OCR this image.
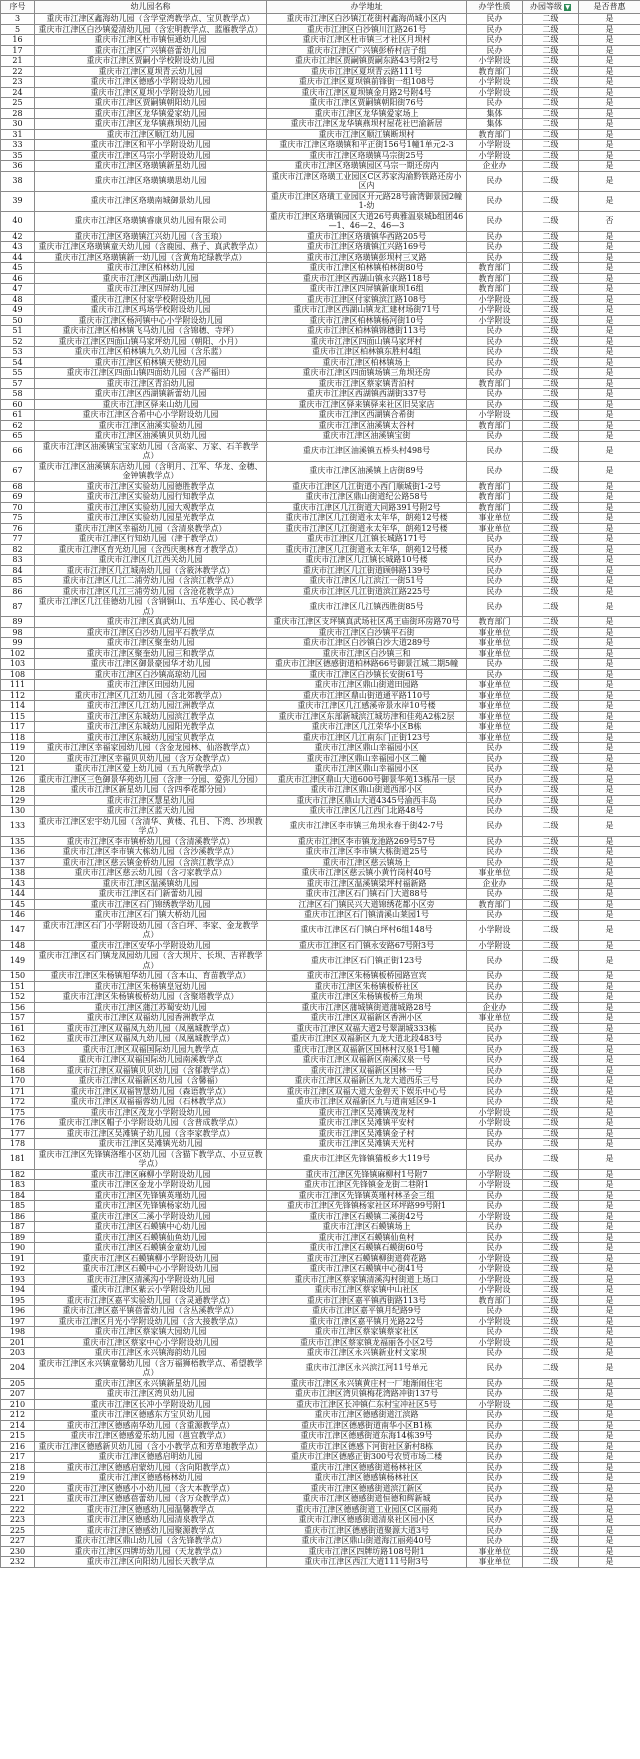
序号	幼儿园名称	办学地址	办学性质	办园等级 ▼	是否普惠
3	重庆市江津区鑫海幼儿园（含学堂湾教学点、宝贝教学点）	重庆市江津区白沙镇江花街村鑫海尚城小区内	民办	二级	是
5	重庆市江津区白沙镇爱清幼儿园（含宏明教学点、蓝雁教学点）	重庆市江津区白沙镇川江路261号	民办	二级	是
16	重庆市江津区杜市镇恒通幼儿园	重庆市江津区杜市镇三才社区月坝村	民办	二级	是
17	重庆市江津区广兴镇蓓蕾幼儿园	重庆市江津区广兴镇彭桥村店子组	民办	二级	是
21	重庆市江津区贾嗣小学校附设幼儿园	重庆市江津区贾嗣镇贾嗣东路43号附2号	小学附设	二级	是
22	重庆市江津区夏坝青云幼儿园	重庆市江津区夏坝青云路111号	教育部门	二级	是
23	重庆市江津区德感小学附设幼儿园	重庆市江津区夏坝镇前锋街一组108号	小学附设	二级	是
24	重庆市江津区夏坝小学附设幼儿园	重庆市江津区夏坝镇金月路2号附4号	小学附设	二级	是
25	重庆市江津区贾嗣镇朝阳幼儿园	重庆市江津区贾嗣镇朝阳街76号	民办	二级	是
28	重庆市江津区龙华镇爱家幼儿园	重庆市江津区龙华镇爱家场上	集体	二级	是
30	重庆市江津区龙华镇燕坝幼儿园	重庆市江津区龙华镇燕坝村屋花社巴渝新居	集体	二级	是
31	重庆市江津区顺江幼儿园	重庆市江津区顺江镇断坝村	教育部门	二级	是
33	重庆市江津区和平小学附设幼儿园	重庆市江津区珞璜镇和平正街156号1幢1单元2-3	小学附设	二级	是
35	重庆市江津区马宗小学附设幼儿园	重庆市江津区珞璜镇马宗街25号	小学附设	二级	是
36	重庆市江津区珞璜镇新星幼儿园	重庆市江津区珞璜镇园区马宗一期还房内	企业办	二级	是
38	重庆市江津区珞璜镇璜思幼儿园	重庆市江津区珞璜工业园区C区苏家沟渝黔铁路还房小区内	民办	二级	是
39	重庆市江津区珞璜南城御景幼儿园	重庆市江津区珞璜工业园区开元路28号渝湾御景园2幢1-幼	民办	二级	是
40	重庆市江津区珞璜镇睿康贝幼儿园有限公司	重庆市江津区珞璜镇园区大道26号典雅温泉城b组团46—1、46—2、46—3	民办	二级	否
42	重庆市江津区珞璜镇江兴幼儿园（含玉琅）	重庆市江津区珞璜镇华西路205号	民办	二级	是
43	重庆市江津区珞璜镇童天幼儿园（含鹿园、燕子、真武教学点）	重庆市江津区珞璜镇江兴路169号	民办	二级	是
44	重庆市江津区珞璜镇新一幼儿园（含黄角坨绿教学点）	重庆市江津区珞璜镇彭坝村三叉路	民办	二级	是
45	重庆市江津区柏林幼儿园	重庆市江津区柏林镇柏林街80号	教育部门	二级	是
46	重庆市江津区西湖山幼儿园	重庆市江津区西湖山镇永兴路118号	教育部门	二级	是
47	重庆市江津区四屏幼儿园	重庆市江津区四屏镇新康坝16组	教育部门	二级	是
48	重庆市江津区付家学校附设幼儿园	重庆市江津区付家镇滨江路108号	小学附设	二级	是
49	重庆市江津区玛场学校附设幼儿园	重庆市江津区西湖山镇龙汇建材场街71号	小学附设	二级	是
50	重庆市江津区杨河镇中心小学附设幼儿园	重庆市江津区柏林镇杨河街10号	小学附设	二级	是
51	重庆市江津区柏林镇飞马幼儿园（含锦穗、寺坪）	重庆市江津区柏林镇锦穗街113号	民办	二级	是
52	重庆市江津区四面山镇马家坪幼儿园（朝阳、小月）	重庆市江津区四面山镇马家坪村	民办	二级	是
53	重庆市江津区柏林镇九久幼儿园（含乐蓝）	重庆市江津区柏林镇东胜村4组	民办	二级	是
54	重庆市江津区柏林镇天使幼儿园	重庆市江津区柏林镇场上	民办	二级	是
55	重庆市江津区四面山镇四面幼儿园（含严福田）	重庆市江津区四面镇场镇三角坝还房	民办	二级	是
57	重庆市江津区青泊幼儿园	重庆市江津区蔡家镇青泊村	教育部门	二级	是
58	重庆市江津区西湖镇新蕾幼儿园	重庆市江津区西湖镇西湖街337号	民办	二级	是
60	重庆市江津区驿来山幼儿园	重庆市江津区驿来镇驿来社区旧吴家店	民办	二级	是
61	重庆市江津区合希中心小学附设幼儿园	重庆市江津区西湖镇合希街	小学附设	二级	是
62	重庆市江津区油溪实验幼儿园	重庆市江津区油溪镇太谷村	教育部门	二级	是
65	重庆市江津区油溪镇贝贝幼儿园	重庆市江津区油溪镇宝街	民办	二级	是
66	重庆市江津区油溪镇宝宝家幼儿园（含高家、万家、石羊教学点）	重庆市江津区油溪镇五桥头村498号	民办	二级	是
67	重庆市江津区油溪镇东店幼儿园（含明月、江军、华龙、金穗、金钟镇教学点）	重庆市江津区油溪镇上店街89号	民办	二级	是
68	重庆市江津区实验幼儿园德胜教学点	重庆市江津区几江街道小西门顺城街1-2号	教育部门	二级	是
69	重庆市江津区实验幼儿园行知教学点	重庆市江津区鼎山街道纪公路58号	教育部门	二级	是
70	重庆市江津区实验幼儿园大观教学点	重庆市江津区几江街道大同路391号附2号	教育部门	二级	是
75	重庆市江津区实验幼儿园星光教学点	重庆市江津区几江街道永太年华，朗苑12号楼	事业单位	二级	是
76	重庆市江津区幸福幼儿园（含清泉教学点）	重庆市江津区几江街道永太年华，朗苑12号楼	事业单位	二级	是
77	重庆市江津区行知幼儿园（津于教学点）	重庆市江津区几江镇长城路171号	民办	二级	是
82	重庆市江津区育光幼儿园（含西庆奥林育才教学点）	重庆市江津区几江街道永太年华，朗苑12号楼	民办	二级	是
83	重庆市江津区几江西关幼儿园	重庆市江津区几江镇长城路10号楼	民办	二级	是
84	重庆市江津区几江城南幼儿园（含筱沐教学点）	重庆市江津区几江街道顾韩路139号	民办	二级	是
85	重庆市江津区几江二浦劳幼儿园（含滨江教学点）	重庆市江津区几江滨江一街51号	民办	二级	是
86	重庆市江津区几江三浦劳幼儿园（含沧花教学点）	重庆市江津区几江街道滨江路225号	民办	二级	是
87	重庆市江津区几江佳德幼儿园（含钢铜山、五华莲心、民心教学点）	重庆市江津区几江镇西胜街85号	民办	二级	是
89	重庆市江津区真武幼儿园	重庆市江津区支坪镇真武场社区禹王庙街环房路70号	教育部门	二级	是
98	重庆市江津区白沙幼儿园平石教学点	重庆市江津区白沙镇平石街	事业单位	二级	是
99	重庆市江津区聚奎幼儿园	重庆市江津区白沙镇白沙大道289号	事业单位	二级	是
102	重庆市江津区聚奎幼儿园三和教学点	重庆市江津区白沙镇三和	事业单位	二级	是
103	重庆市江津区御景豪园华才幼儿园	重庆市江津区德感街道柏林路66号御景江城二期5幢	民办	二级	是
108	重庆市江津区白沙镇高琼幼儿园	重庆市江津区白沙镇长安街61号	民办	二级	是
111	重庆市江津区田园幼儿园	重庆市江津区鼎山街道田园路	事业单位	二级	是
112	重庆市江津区几江幼儿园（含北郊教学点）	重庆市江津区鼎山街道通平路110号	事业单位	二级	是
114	重庆市江津区几江幼儿园江洲教学点	重庆市江津区几江感溪帝景水岸10号楼	事业单位	二级	是
115	重庆市江津区东城幼儿园滨江教学点	重庆市江津区东部新城滨江城坊津和佳苑A2栋2层	事业单位	二级	是
117	重庆市江津区东城幼儿园阳光教学点	重庆市江津区几江荣华小区B栋	事业单位	二级	是
118	重庆市江津区东城幼儿园宝贝教学点	重庆市江津区几江南东门正街123号	事业单位	二级	是
119	重庆市江津区幸福家园幼儿园（含金龙园林、仙浴教学点）	重庆市江津区鼎山幸福园小区	民办	二级	是
120	重庆市江津区幸福贝贝幼儿园（含万众教学点）	重庆市江津区鼎山幸福园小区二幢	民办	二级	是
121	重庆市江津区爱上幼儿园（五九所教学点）	重庆市江津区鼎山幸福园小区	民办	二级	是
126	重庆市江津区三色御景华苑幼儿园（含津一分园、爱弥儿分园）	重庆市江津区鼎山大道600号御景华苑13栋吊一层	民办	二级	是
128	重庆市江津区新星幼儿园（含四季花都分园）	重庆市江津区鼎山街道西部小区	民办	二级	是
129	重庆市江津区慧星幼儿园	重庆市江津区鼎山大道4345号渝西丰岛	民办	二级	是
130	重庆市江津区蓝天幼儿园	重庆市江津区几江西门北路48号	民办	二级	是
133	重庆市江津区宏宇幼儿园（含清华、黄楼、孔目、下湾、沙坝教学点）	重庆市江津区李市镇三角坝永春于街42-7号	民办	二级	是
135	重庆市江津区李市镇桥幼儿园（含清溪教学点）	重庆市江津区李市镇龙池路269号57号	民办	二级	是
136	重庆市江津区李市镇大栋幼儿园（含沙溪教学点）	重庆市江津区李市镇大栋街道25号	民办	二级	是
137	重庆市江津区慈云镇金桥幼儿园（含滨江教学点）	重庆市江津区慈云镇场上	民办	二级	是
138	重庆市江津区慈云幼儿园（含刁家教学点）	重庆市江津区慈云镇小黄竹岗村40号	事业单位	二级	是
143	重庆市江津区温溪镇幼儿园	重庆市江津区温溪镇梁坪村福新路	企业办	二级	是
144	重庆市江津区石门新蕾幼儿园	重庆市江津区石门镇石门大道88号	民办	二级	是
145	重庆市江津区石门锦绣教学幼儿园	江津区石门镇民兴大道锦绣花都小区旁	教育部门	二级	是
146	重庆市江津区石门镇大桥幼儿园	重庆市江津区石门镇清溪山莱园1号	民办	二级	是
147	重庆市江津区石门小学附设幼儿园（含白坪、李家、金龙教学点）	重庆市江津区石门镇白坪村6组148号	小学附设	二级	是
148	重庆市江津区安华小学附设幼儿园	重庆市江津区石门镇永安路67号附3号	小学附设	二级	是
149	重庆市江津区石门镇龙凤园幼儿园（含大坝片、长坝、吉祥教学点）	重庆市江津区石门镇正街123号	民办	二级	是
150	重庆市江津区朱杨镇旭华幼儿园（含本山、育苗教学点）	重庆市江津区朱杨镇板桥园路宣宾	民办	二级	是
151	重庆市江津区朱杨镇皇冠幼儿园	重庆市江津区朱杨镇板桥社区	民办	二级	是
152	重庆市江津区朱杨镇板桥幼儿园（含聚塔教学点）	重庆市江津区朱杨镇板桥三角坝	民办	二级	是
156	重庆市江津区蒲江苏蜀安幼儿园	重庆市江津区蒲城镇街道蒲城路28号	企业办	二级	是
157	重庆市江津区双福幼儿园香洲教学点	重庆市江津区双福新区香洲小区	事业单位	二级	是
161	重庆市江津区双福凤九幼儿园（凤凰城教学点）	重庆市江津区双福大道2号翠湖城333栋	民办	二级	是
162	重庆市江津区双福凤九幼儿园（凤凰城教学点）	重庆市江津区双福新区九龙大道北段483号	民办	二级	是
163	重庆市江津区双福国际幼儿园九教学点	重庆市江津区双福新区国林村汉泉1号1幢	民办	二级	是
164	重庆市江津区双福国际幼儿园南溪教学点	重庆市江津区双福新区南溪汉泉一号	民办	二级	是
168	重庆市江津区双福镇贝贝幼儿园（含郁教学点）	重庆市江津区双福新区国林一号	民办	二级	是
170	重庆市江津区双福新区幼儿园（含馨福）	重庆市江津区双福新区九龙大道西乐三号	民办	二级	是
171	重庆市江津区双福智慧幼儿园（森语教学点）	重庆市江津区双福大道大金碧天下娱乐中心号	民办	二级	是
172	重庆市江津区双福福蓉幼儿园（石林教学点）	重庆市江津区双福新区九与道南延区9-1	民办	二级	是
175	重庆市江津区茂龙小学附设幼儿园	重庆市江津区吴滩镇茂龙村	小学附设	二级	是
176	重庆市江津区帽子小学附设幼儿园（含普成教学点）	重庆市江津区吴滩镇平安村	小学附设	二级	是
177	重庆市江津区吴滩镇子幼儿园（含李家教学点）	重庆市江津区吴滩镇金子村	民办	二级	是
178	重庆市江津区吴滩镇光幼儿园	重庆市江津区吴滩镇天光村	民办	二级	是
181	重庆市江津区先锋镇洛维小区幼儿园（含猫下教学点、小豆豆教学点）	重庆市江津区先锋镇猫板乡大119号	民办	二级	是
182	重庆市江津区麻柳小学附设幼儿园	重庆市江津区先锋镇麻柳村1号附7	小学附设	二级	是
183	重庆市江津区金龙小学附设幼儿园	重庆市江津区先锋镇金龙街二巷附1	小学附设	二级	是
184	重庆市江津区先锋镇英瑾幼儿园	重庆市江津区先锋镇英瑾村林圣会三组	民办	二级	是
185	重庆市江津区先锋镇杨家幼儿园	重庆市江津区先锋镇杨家社区环坪路99号附1	民办	二级	是
186	重庆市江津区二溪小学附设幼儿园	重庆市江津区石蟆镇二溪街42号	小学附设	二级	是
187	重庆市江津区石蟆镇中心幼儿园	重庆市江津区石蟆镇场上	民办	二级	是
189	重庆市江津区石蟆镇仙鱼幼儿园	重庆市江津区石蟆镇仙鱼村	民办	二级	是
190	重庆市江津区石蟆镇金童幼儿园	重庆市江津区石蟆镇石蟆街60号	民办	二级	是
191	重庆市江津区石蟆镇柳小学附设幼儿园	重庆市江津区石蟆镇柳街道荷花路	小学附设	二级	是
192	重庆市江津区石蟆中心小学附设幼儿园	重庆市江津区石蟆镇中心街41号	小学附设	二级	是
193	重庆市江津区清溪沟小学附设幼儿园	重庆市江津区蔡家镇清溪沟村街道上场口	小学附设	二级	是
194	重庆市江津区紫云小学附设幼儿园	重庆市江津区蔡家镇中山社区	小学附设	二级	是
195	重庆市江津区嘉平实验幼儿园（含灵通教学点）	重庆市江津区嘉平镇西街路113号	教育部门	二级	是
196	重庆市江津区嘉平镇蓓蕾幼儿园（含丛溪教学点）	重庆市江津区嘉平镇月纪路9号	民办	二级	是
197	重庆市江津区月光小学附设幼儿园（含大接教学点）	重庆市江津区嘉平镇月光路22号	小学附设	二级	是
198	重庆市江津区蔡家镇大园幼儿园	重庆市江津区蔡家镇蔡家社区	民办	二级	是
201	重庆市江津区蔡家中心小学附设幼儿园	重庆市江津区蔡家镇龙福丽各小区2号	小学附设	二级	是
203	重庆市江津区永兴镇海韵幼儿园	重庆市江津区永兴镇新业村文家坝	民办	二级	是
204	重庆市江津区永兴镇童馨幼儿园（含万福狮梧教学点、希望教学点）	重庆市江津区永兴滨江河11号单元	民办	二级	是
205	重庆市江津区永兴镇新星幼儿园	重庆市江津区永兴镇黄庄村一厂地渐闹住宅	民办	二级	是
207	重庆市江津区湾贝幼儿园	重庆市江津区湾贝镇梅花湾路冲街137号	民办	二级	是
210	重庆市江津区长冲小学附设幼儿园	重庆市江津区长冲镇仁东村宝冲社区5号	小学附设	二级	是
212	重庆市江津区德感东方宝贝幼儿园	重庆市江津区德感街道江滨路	民办	二级	是
214	重庆市江津区德感南华幼儿园（含重源教学点）	重庆市江津区德感街道南华小区B1栋	民办	二级	是
215	重庆市江津区德感爱乐幼儿园（邕宜教学点）	重庆市江津区德感街道东海14栋39号	民办	二级	是
216	重庆市江津区德感新贝幼儿园（含小小教学点和芳草地教学点）	重庆市江津区德感下河街社区新村8栋	民办	二级	是
217	重庆市江津区德感启明幼儿园	重庆市江津区德感正街300号农贸市场二楼	民办	二级	是
218	重庆市江津区德感启蒙幼儿园（含向阳教学点）	重庆市江津区德感街道杨林社区	民办	二级	是
219	重庆市江津区德感杨林幼儿园	重庆市江津区德感镇杨林社区	民办	二级	是
220	重庆市江津区德感小小幼儿园（含大本教学点）	重庆市江津区德感街道滨江新区	民办	二级	是
221	重庆市江津区德感蓓蕾幼儿园（含万众教学点）	重庆市江津区德感街道恒德和辉新城	民办	二级	是
222	重庆市江津区德感幼儿园温馨教学点	重庆市江津区德感街道工业园区C区丽苑	民办	二级	是
223	重庆市江津区德感幼儿园清泉教学点	重庆市江津区德感街道清泉社区园小区	民办	二级	是
225	重庆市江津区德感幼儿园聚源教学点	重庆市江津区德感街道聚源大道3号	民办	二级	是
227	重庆市江津区鼎山幼儿园（含先锋教学点）	重庆市江津区鼎山街道海江丽苑40号	民办	二级	是
230	重庆市江津区四牌坊幼儿园（天龙教学点）	重庆市江津区四牌坊路108号附1	事业单位	二级	是
232	重庆市江津区向阳幼儿园长天教学点	重庆市江津区西江大道111号附3号	事业单位	二级	是
